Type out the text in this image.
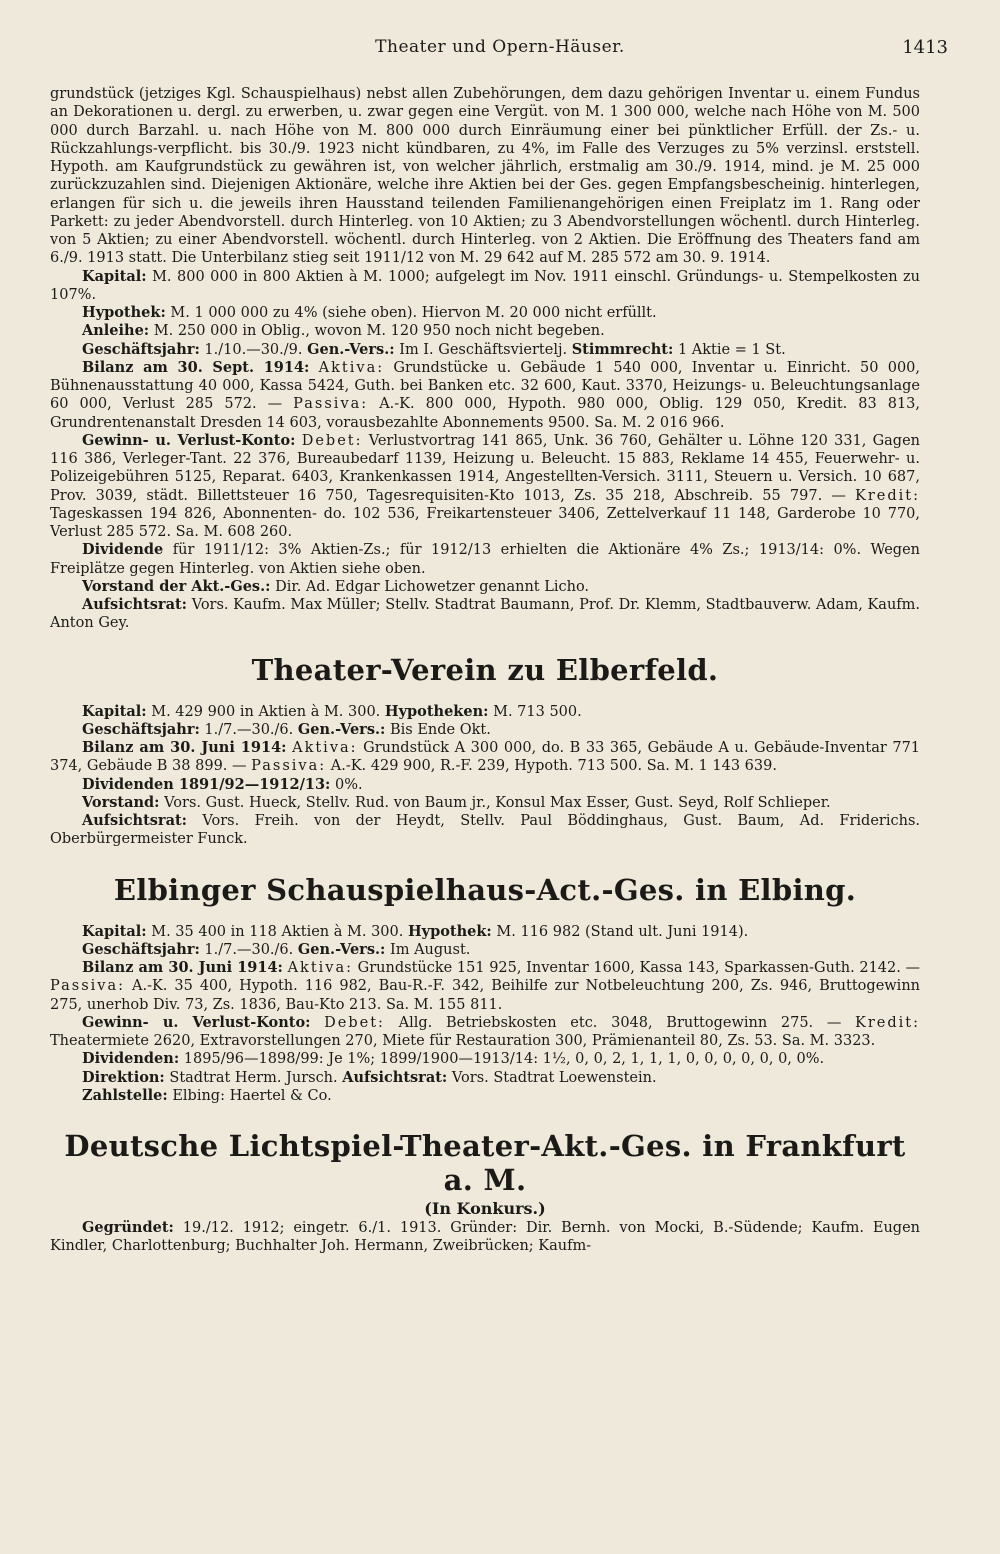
Theater und Opern-Häuser.	1413

grundstück (jetziges Kgl. Schauspielhaus) nebst allen Zubehörungen, dem dazu gehörigen Inventar u. einem Fundus an Dekorationen u. dergl. zu erwerben, u. zwar gegen eine Vergüt. von M. 1 300 000, welche nach Höhe von M. 500 000 durch Barzahl. u. nach Höhe von M. 800 000 durch Einräumung einer bei pünktlicher Erfüll. der Zs.- u. Rückzahlungs-verpflicht. bis 30./9. 1923 nicht kündbaren, zu 4%, im Falle des Verzuges zu 5% verzinsl. erststell. Hypoth. am Kaufgrundstück zu gewähren ist, von welcher jährlich, erstmalig am 30./9. 1914, mind. je M. 25 000 zurückzuzahlen sind. Diejenigen Aktionäre, welche ihre Aktien bei der Ges. gegen Empfangsbescheinig. hinterlegen, erlangen für sich u. die jeweils ihren Hausstand teilenden Familienangehörigen einen Freiplatz im 1. Rang oder Parkett: zu jeder Abendvorstell. durch Hinterleg. von 10 Aktien; zu 3 Abendvorstellungen wöchentl. durch Hinterleg. von 5 Aktien; zu einer Abendvorstell. wöchentl. durch Hinterleg. von 2 Aktien. Die Eröffnung des Theaters fand am 6./9. 1913 statt. Die Unterbilanz stieg seit 1911/12 von M. 29 642 auf M. 285 572 am 30. 9. 1914.

Kapital: M. 800 000 in 800 Aktien à M. 1000; aufgelegt im Nov. 1911 einschl. Gründungs- u. Stempelkosten zu 107%.

Hypothek: M. 1 000 000 zu 4% (siehe oben). Hiervon M. 20 000 nicht erfüllt.

Anleihe: M. 250 000 in Oblig., wovon M. 120 950 noch nicht begeben.

Geschäftsjahr: 1./10.—30./9. Gen.-Vers.: Im I. Geschäftsviertelj. Stimmrecht: 1 Aktie = 1 St.

Bilanz am 30. Sept. 1914: Aktiva: Grundstücke u. Gebäude 1 540 000, Inventar u. Einricht. 50 000, Bühnenausstattung 40 000, Kassa 5424, Guth. bei Banken etc. 32 600, Kaut. 3370, Heizungs- u. Beleuchtungsanlage 60 000, Verlust 285 572. — Passiva: A.-K. 800 000, Hypoth. 980 000, Oblig. 129 050, Kredit. 83 813, Grundrentenanstalt Dresden 14 603, vorausbezahlte Abonnements 9500. Sa. M. 2 016 966.

Gewinn- u. Verlust-Konto: Debet: Verlustvortrag 141 865, Unk. 36 760, Gehälter u. Löhne 120 331, Gagen 116 386, Verleger-Tant. 22 376, Bureaubedarf 1139, Heizung u. Beleucht. 15 883, Reklame 14 455, Feuerwehr- u. Polizeigebühren 5125, Reparat. 6403, Krankenkassen 1914, Angestellten-Versich. 3111, Steuern u. Versich. 10 687, Prov. 3039, städt. Billettsteuer 16 750, Tagesrequisiten-Kto 1013, Zs. 35 218, Abschreib. 55 797. — Kredit: Tageskassen 194 826, Abonnenten- do. 102 536, Freikartensteuer 3406, Zettelverkauf 11 148, Garderobe 10 770, Verlust 285 572. Sa. M. 608 260.

Dividende für 1911/12: 3% Aktien-Zs.; für 1912/13 erhielten die Aktionäre 4% Zs.; 1913/14: 0%. Wegen Freiplätze gegen Hinterleg. von Aktien siehe oben.

Vorstand der Akt.-Ges.: Dir. Ad. Edgar Lichowetzer genannt Licho.

Aufsichtsrat: Vors. Kaufm. Max Müller; Stellv. Stadtrat Baumann, Prof. Dr. Klemm, Stadtbauverw. Adam, Kaufm. Anton Gey.

Theater-Verein zu Elberfeld.

Kapital: M. 429 900 in Aktien à M. 300. Hypotheken: M. 713 500.

Geschäftsjahr: 1./7.—30./6. Gen.-Vers.: Bis Ende Okt.

Bilanz am 30. Juni 1914: Aktiva: Grundstück A 300 000, do. B 33 365, Gebäude A u. Gebäude-Inventar 771 374, Gebäude B 38 899. — Passiva: A.-K. 429 900, R.-F. 239, Hypoth. 713 500. Sa. M. 1 143 639.

Dividenden 1891/92—1912/13: 0%.

Vorstand: Vors. Gust. Hueck, Stellv. Rud. von Baum jr., Konsul Max Esser, Gust. Seyd, Rolf Schlieper.

Aufsichtsrat: Vors. Freih. von der Heydt, Stellv. Paul Böddinghaus, Gust. Baum, Ad. Friderichs. Oberbürgermeister Funck.

Elbinger Schauspielhaus-Act.-Ges. in Elbing.

Kapital: M. 35 400 in 118 Aktien à M. 300. Hypothek: M. 116 982 (Stand ult. Juni 1914).

Geschäftsjahr: 1./7.—30./6. Gen.-Vers.: Im August.

Bilanz am 30. Juni 1914: Aktiva: Grundstücke 151 925, Inventar 1600, Kassa 143, Sparkassen-Guth. 2142. — Passiva: A.-K. 35 400, Hypoth. 116 982, Bau-R.-F. 342, Beihilfe zur Notbeleuchtung 200, Zs. 946, Bruttogewinn 275, unerhob Div. 73, Zs. 1836, Bau-Kto 213. Sa. M. 155 811.

Gewinn- u. Verlust-Konto: Debet: Allg. Betriebskosten etc. 3048, Bruttogewinn 275. — Kredit: Theatermiete 2620, Extravorstellungen 270, Miete für Restauration 300, Prämienanteil 80, Zs. 53. Sa. M. 3323.

Dividenden: 1895/96—1898/99: Je 1%; 1899/1900—1913/14: 1½, 0, 0, 2, 1, 1, 1, 0, 0, 0, 0, 0, 0, 0%.

Direktion: Stadtrat Herm. Jursch. Aufsichtsrat: Vors. Stadtrat Loewenstein.

Zahlstelle: Elbing: Haertel & Co.

Deutsche Lichtspiel-Theater-Akt.-Ges. in Frankfurt a. M.
(In Konkurs.)

Gegründet: 19./12. 1912; eingetr. 6./1. 1913. Gründer: Dir. Bernh. von Mocki, B.-Südende; Kaufm. Eugen Kindler, Charlottenburg; Buchhalter Joh. Hermann, Zweibrücken; Kaufm-
